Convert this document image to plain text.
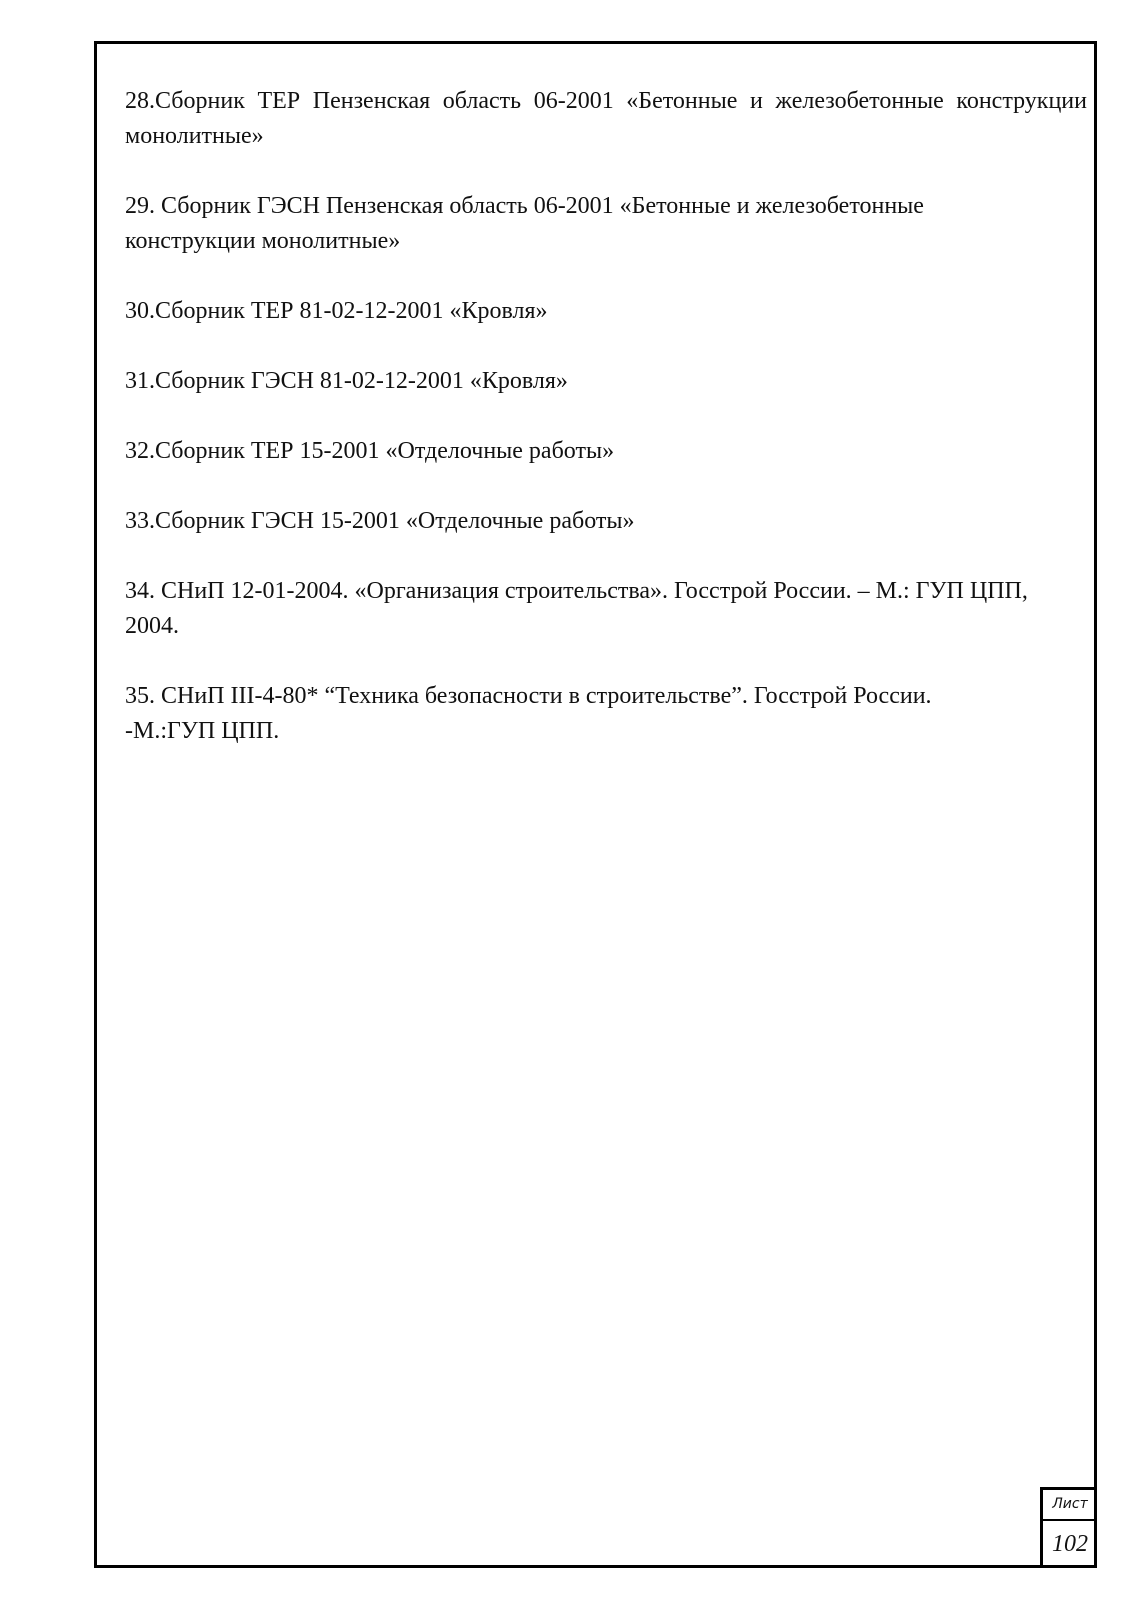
28.Сборник ТЕР Пензенская область 06-2001 «Бетонные и железобетонные конструкции монолитные»

29. Сборник ГЭСН Пензенская область 06-2001 «Бетонные и железобетонные конструкции монолитные»

30.Сборник ТЕР 81-02-12-2001 «Кровля»

31.Сборник ГЭСН 81-02-12-2001 «Кровля»

32.Сборник ТЕР 15-2001 «Отделочные работы»

33.Сборник ГЭСН 15-2001 «Отделочные работы»

34. СНиП 12-01-2004. «Организация строительства». Госстрой России. – М.: ГУП ЦПП, 2004.

35. СНиП III-4-80* “Техника безопасности в строительстве”. Госстрой России. -М.:ГУП ЦПП.

Лист
102
